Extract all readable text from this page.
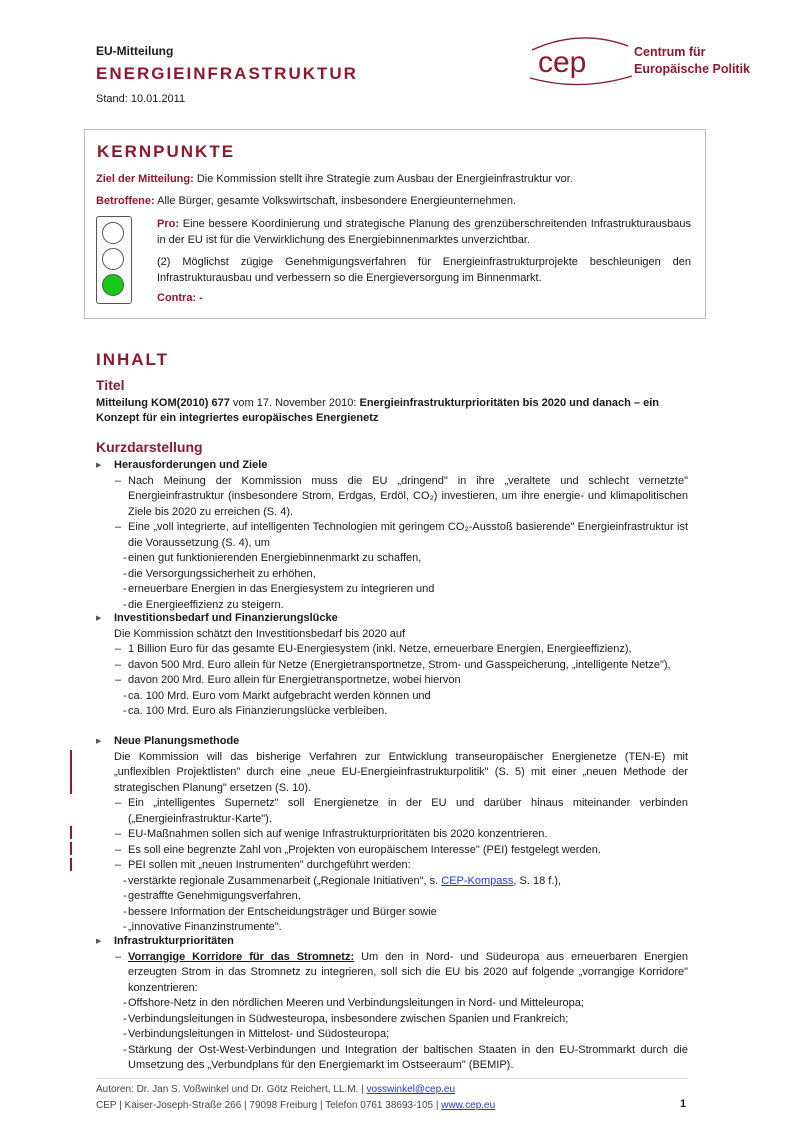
EU-Mitteilung
ENERGIEINFRASTRUKTUR
Stand: 10.01.2011
cep	Centrum für
Europäische Politik
KERNPUNKTE
Ziel der Mitteilung: Die Kommission stellt ihre Strategie zum Ausbau der Energieinfrastruktur vor.
Betroffene: Alle Bürger, gesamte Volkswirtschaft, insbesondere Energieunternehmen.
Pro: Eine bessere Koordinierung und strategische Planung des grenzüberschreitenden Infrastrukturausbaus in der EU ist für die Verwirklichung des Energiebinnenmarktes unverzichtbar.
(2) Möglichst zügige Genehmigungsverfahren für Energieinfrastrukturprojekte beschleunigen den Infrastrukturausbau und verbessern so die Energieversorgung im Binnenmarkt.
Contra: -
INHALT
Titel
Mitteilung KOM(2010) 677 vom 17. November 2010: Energieinfrastrukturprioritäten bis 2020 und danach – ein Konzept für ein integriertes europäisches Energienetz
Kurzdarstellung
▶ Herausforderungen und Ziele
– Nach Meinung der Kommission muss die EU „dringend" in ihre „veraltete und schlecht vernetzte" Energieinfrastruktur (insbesondere Strom, Erdgas, Erdöl, CO₂) investieren, um ihre energie- und klimapolitischen Ziele bis 2020 zu erreichen (S. 4).
– Eine „voll integrierte, auf intelligenten Technologien mit geringem CO₂-Ausstoß basierende" Energieinfrastruktur ist die Voraussetzung (S. 4), um
- einen gut funktionierenden Energiebinnenmarkt zu schaffen,
- die Versorgungssicherheit zu erhöhen,
- erneuerbare Energien in das Energiesystem zu integrieren und
- die Energieeffizienz zu steigern.
▶ Investitionsbedarf und Finanzierungslücke
Die Kommission schätzt den Investitionsbedarf bis 2020 auf
– 1 Billion Euro für das gesamte EU-Energiesystem (inkl. Netze, erneuerbare Energien, Energieeffizienz),
– davon 500 Mrd. Euro allein für Netze (Energietransportnetze, Strom- und Gasspeicherung, „intelligente Netze"),
– davon 200 Mrd. Euro allein für Energietransportnetze, wobei hiervon
- ca. 100 Mrd. Euro vom Markt aufgebracht werden können und
- ca. 100 Mrd. Euro als Finanzierungslücke verbleiben.
▶ Neue Planungsmethode
Die Kommission will das bisherige Verfahren zur Entwicklung transeuropäischer Energienetze (TEN-E) mit „unflexiblen Projektlisten" durch eine „neue EU-Energieinfrastrukturpolitik" (S. 5) mit einer „neuen Methode der strategischen Planung" ersetzen (S. 10).
– Ein „intelligentes Supernetz" soll Energienetze in der EU und darüber hinaus miteinander verbinden („Energieinfrastruktur-Karte").
– EU-Maßnahmen sollen sich auf wenige Infrastrukturprioritäten bis 2020 konzentrieren.
– Es soll eine begrenzte Zahl von „Projekten von europäischem Interesse" (PEI) festgelegt werden.
– PEI sollen mit „neuen Instrumenten" durchgeführt werden:
- verstärkte regionale Zusammenarbeit („Regionale Initiativen", s. CEP-Kompass, S. 18 f.),
- gestraffte Genehmigungsverfahren,
- bessere Information der Entscheidungsträger und Bürger sowie
- „innovative Finanzinstrumente".
▶ Infrastrukturprioritäten
– Vorrangige Korridore für das Stromnetz: Um den in Nord- und Südeuropa aus erneuerbaren Energien erzeugten Strom in das Stromnetz zu integrieren, soll sich die EU bis 2020 auf folgende „vorrangige Korridore" konzentrieren:
- Offshore-Netz in den nördlichen Meeren und Verbindungsleitungen in Nord- und Mitteleuropa;
- Verbindungsleitungen in Südwesteuropa, insbesondere zwischen Spanien und Frankreich;
- Verbindungsleitungen in Mittelost- und Südosteuropa;
- Stärkung der Ost-West-Verbindungen und Integration der baltischen Staaten in den EU-Strommarkt durch die Umsetzung des „Verbundplans für den Energiemarkt im Ostseeraum" (BEMIP).
Autoren: Dr. Jan S. Voßwinkel und Dr. Götz Reichert, LL.M. | vosswinkel@cep.eu
CEP | Kaiser-Joseph-Straße 266 | 79098 Freiburg | Telefon 0761 38693-105 | www.cep.eu	1
